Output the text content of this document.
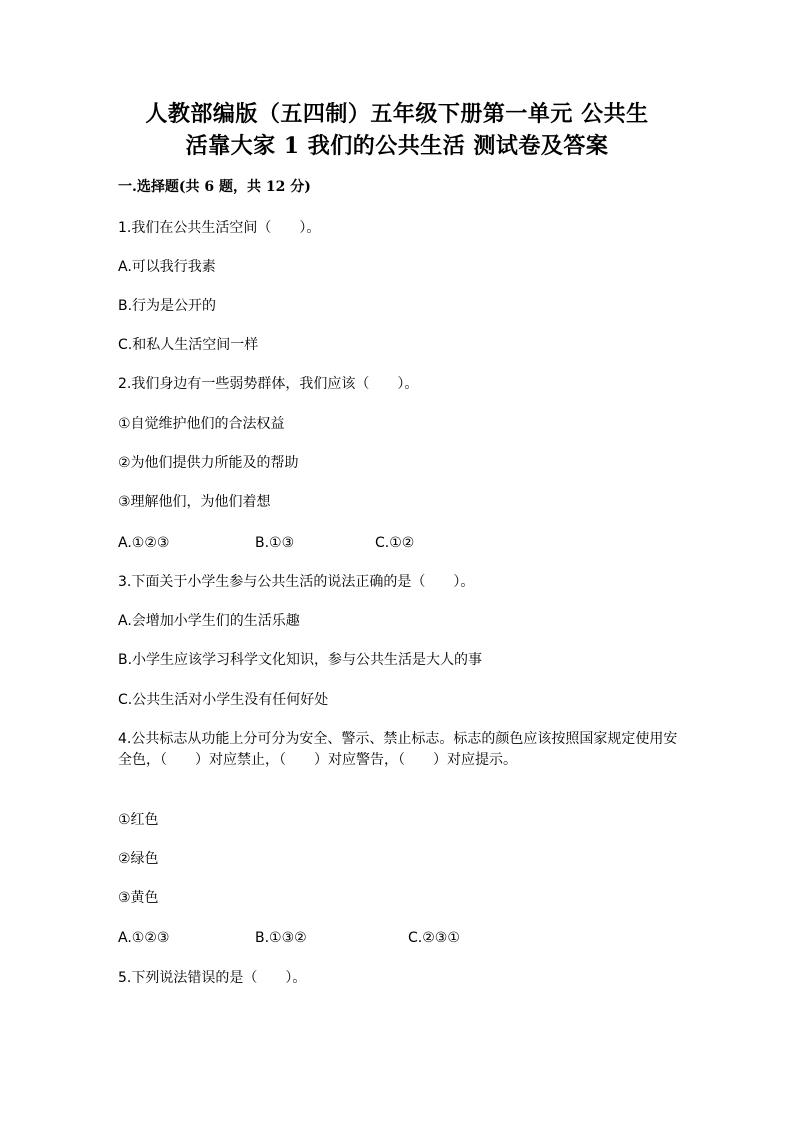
人教部编版（五四制）五年级下册第一单元 公共生
活靠大家 1 我们的公共生活 测试卷及答案
一.选择题(共 6 题，共 12 分)
1.我们在公共生活空间（　　）。
A.可以我行我素
B.行为是公开的
C.和私人生活空间一样
2.我们身边有一些弱势群体，我们应该（　　）。
①自觉维护他们的合法权益
②为他们提供力所能及的帮助
③理解他们，为他们着想
A.①②③	B.①③	C.①②
3.下面关于小学生参与公共生活的说法正确的是（　　）。
A.会增加小学生们的生活乐趣
B.小学生应该学习科学文化知识，参与公共生活是大人的事
C.公共生活对小学生没有任何好处
4.公共标志从功能上分可分为安全、警示、禁止标志。标志的颜色应该按照国家规定使用安全色，（　　）对应禁止，（　　）对应警告，（　　）对应提示。
①红色
②绿色
③黄色
A.①②③	B.①③②	C.②③①
5.下列说法错误的是（　　）。
